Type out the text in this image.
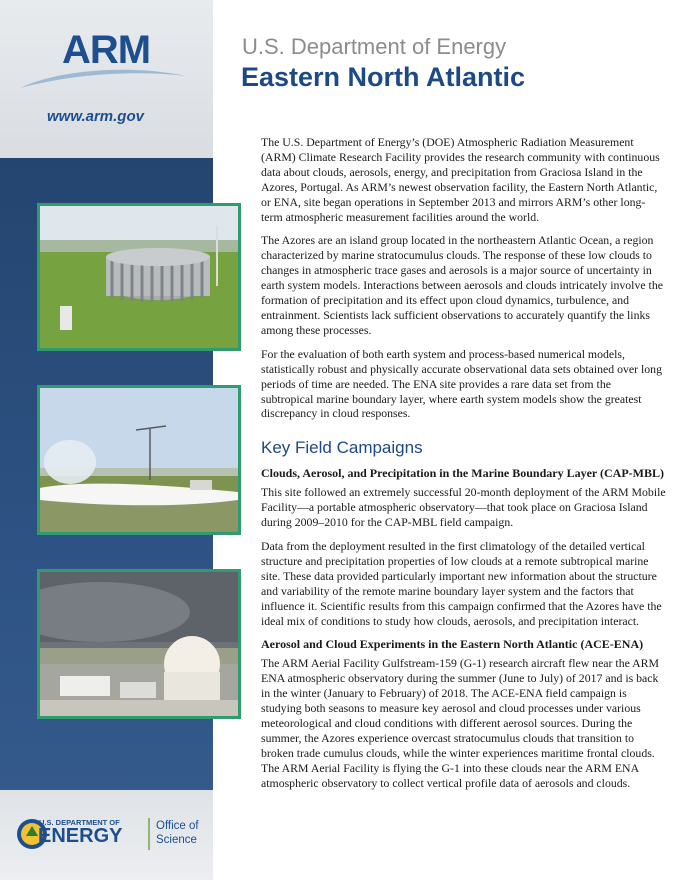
ARM
www.arm.gov
U.S. DEPARTMENT OF
ENERGY	Office of
Science
U.S. Department of Energy
Eastern North Atlantic

The U.S. Department of Energy’s (DOE) Atmospheric Radiation Measurement (ARM) Climate Research Facility provides the research community with continuous data about clouds, aerosols, energy, and precipitation from Graciosa Island in the Azores, Portugal. As ARM’s newest observation facility, the Eastern North Atlantic, or ENA, site began operations in September 2013 and mirrors ARM’s other long-term atmospheric measurement facilities around the world.

The Azores are an island group located in the northeastern Atlantic Ocean, a region characterized by marine stratocumulus clouds. The response of these low clouds to changes in atmospheric trace gases and aerosols is a major source of uncertainty in earth system models. Interactions between aerosols and clouds intricately involve the formation of precipitation and its effect upon cloud dynamics, turbulence, and entrainment. Scientists lack sufficient observations to accurately quantify the links among these processes.

For the evaluation of both earth system and process-based numerical models, statistically robust and physically accurate observational data sets obtained over long periods of time are needed. The ENA site provides a rare data set from the subtropical marine boundary layer, where earth system models show the greatest discrepancy in cloud responses.

Key Field Campaigns
Clouds, Aerosol, and Precipitation in the Marine Boundary Layer (CAP-MBL)

This site followed an extremely successful 20-month deployment of the ARM Mobile Facility—a portable atmospheric observatory—that took place on Graciosa Island during 2009–2010 for the CAP-MBL field campaign.

Data from the deployment resulted in the first climatology of the detailed vertical structure and precipitation properties of low clouds at a remote subtropical marine site. These data provided particularly important new information about the structure and variability of the remote marine boundary layer system and the factors that influence it. Scientific results from this campaign confirmed that the Azores have the ideal mix of conditions to study how clouds, aerosols, and precipitation interact.

Aerosol and Cloud Experiments in the Eastern North Atlantic (ACE-ENA)

The ARM Aerial Facility Gulfstream-159 (G-1) research aircraft flew near the ARM ENA atmospheric observatory during the summer (June to July) of 2017 and is back in the winter (January to February) of 2018. The ACE-ENA field campaign is studying both seasons to measure key aerosol and cloud processes under various meteorological and cloud conditions with different aerosol sources. During the summer, the Azores experience overcast stratocumulus clouds that transition to broken trade cumulus clouds, while the winter experiences maritime frontal clouds. The ARM Aerial Facility is flying the G-1 into these clouds near the ARM ENA atmospheric observatory to collect vertical profile data of aerosols and clouds.
